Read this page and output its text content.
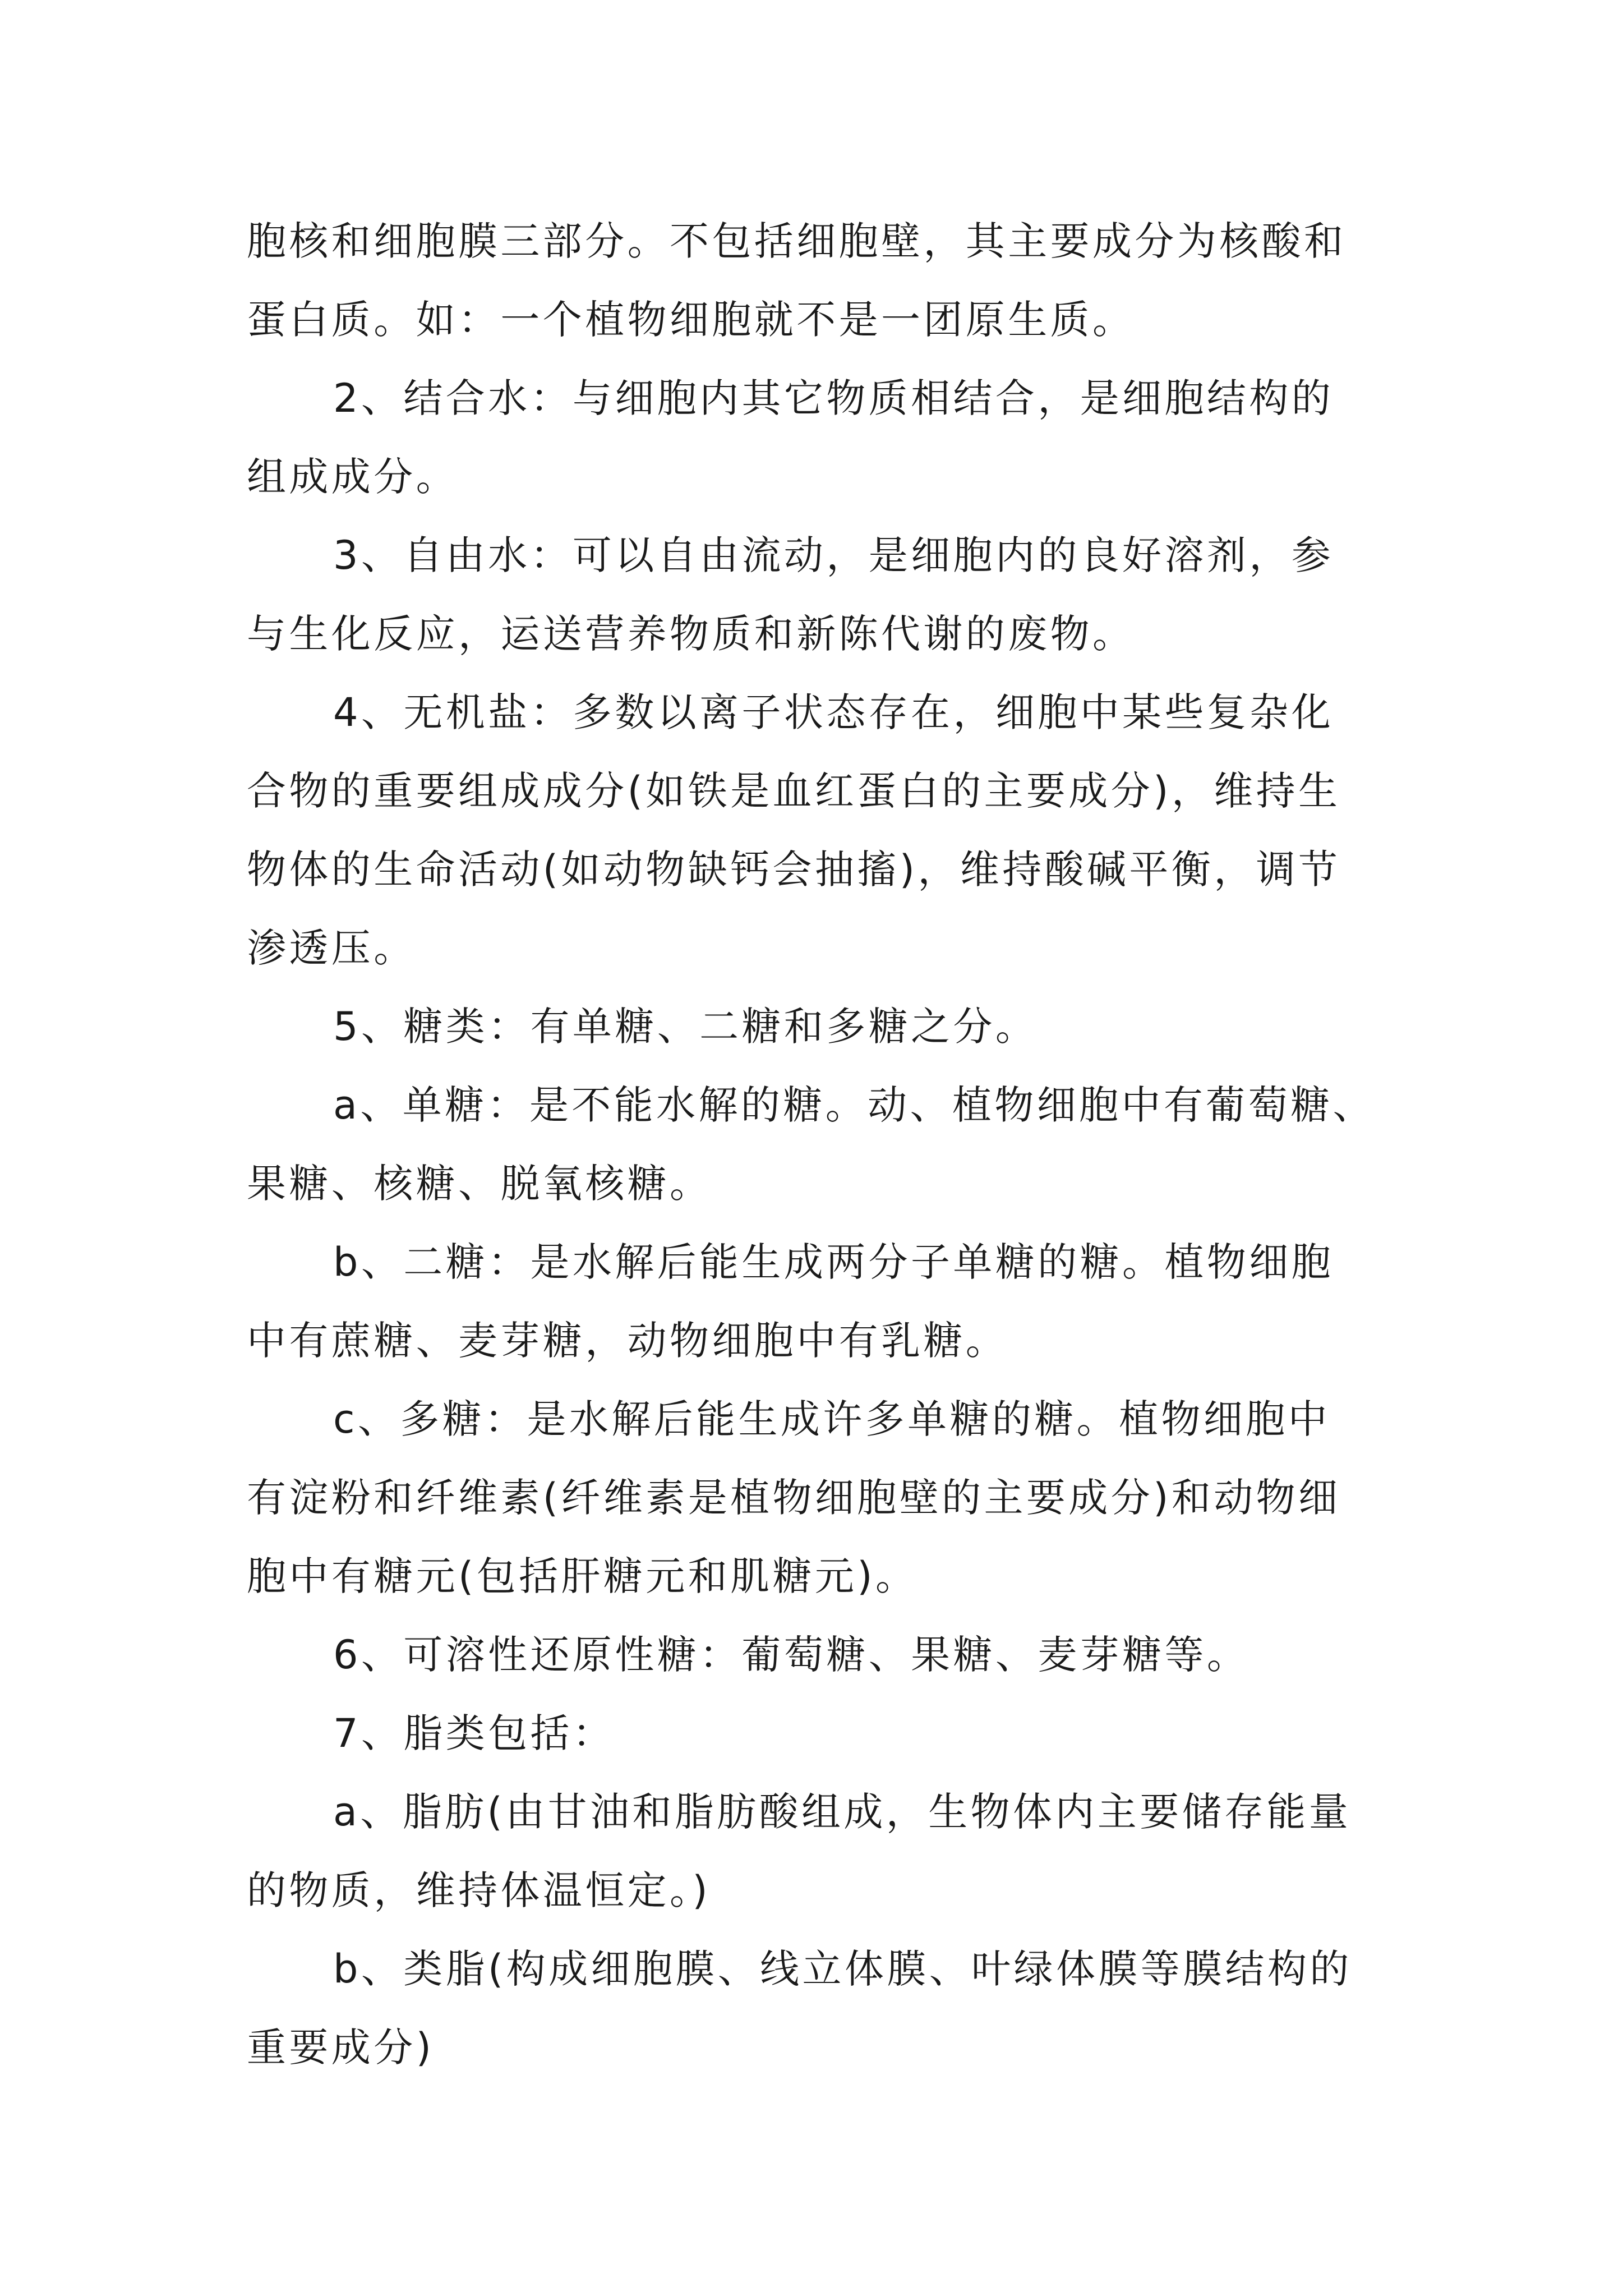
胞核和细胞膜三部分。不包括细胞壁，其主要成分为核酸和
蛋白质。如：一个植物细胞就不是一团原生质。
2、结合水：与细胞内其它物质相结合，是细胞结构的
组成成分。
3、自由水：可以自由流动，是细胞内的良好溶剂，参
与生化反应，运送营养物质和新陈代谢的废物。
4、无机盐：多数以离子状态存在，细胞中某些复杂化
合物的重要组成成分(如铁是血红蛋白的主要成分)，维持生
物体的生命活动(如动物缺钙会抽搐)，维持酸碱平衡，调节
渗透压。
5、糖类：有单糖、二糖和多糖之分。
a、单糖：是不能水解的糖。动、植物细胞中有葡萄糖、
果糖、核糖、脱氧核糖。
b、二糖：是水解后能生成两分子单糖的糖。植物细胞
中有蔗糖、麦芽糖，动物细胞中有乳糖。
c、多糖：是水解后能生成许多单糖的糖。植物细胞中
有淀粉和纤维素(纤维素是植物细胞壁的主要成分)和动物细
胞中有糖元(包括肝糖元和肌糖元)。
6、可溶性还原性糖：葡萄糖、果糖、麦芽糖等。
7、脂类包括：
a、脂肪(由甘油和脂肪酸组成，生物体内主要储存能量
的物质，维持体温恒定。)
b、类脂(构成细胞膜、线立体膜、叶绿体膜等膜结构的
重要成分)
